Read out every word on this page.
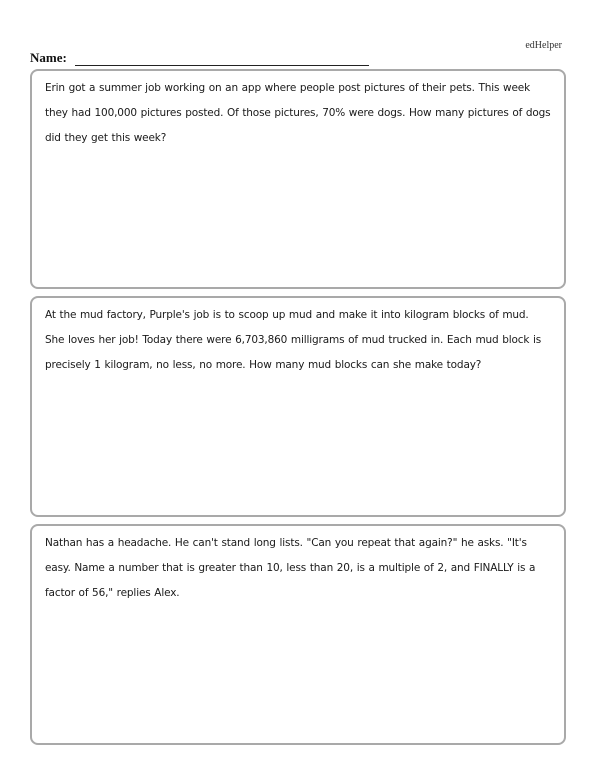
edHelper
Name:

Erin got a summer job working on an app where people post pictures of their pets. This week they had 100,000 pictures posted. Of those pictures, 70% were dogs. How many pictures of dogs did they get this week?

At the mud factory, Purple's job is to scoop up mud and make it into kilogram blocks of mud. She loves her job! Today there were 6,703,860 milligrams of mud trucked in. Each mud block is precisely 1 kilogram, no less, no more. How many mud blocks can she make today?

Nathan has a headache. He can't stand long lists. "Can you repeat that again?" he asks. "It's easy. Name a number that is greater than 10, less than 20, is a multiple of 2, and FINALLY is a factor of 56," replies Alex.
